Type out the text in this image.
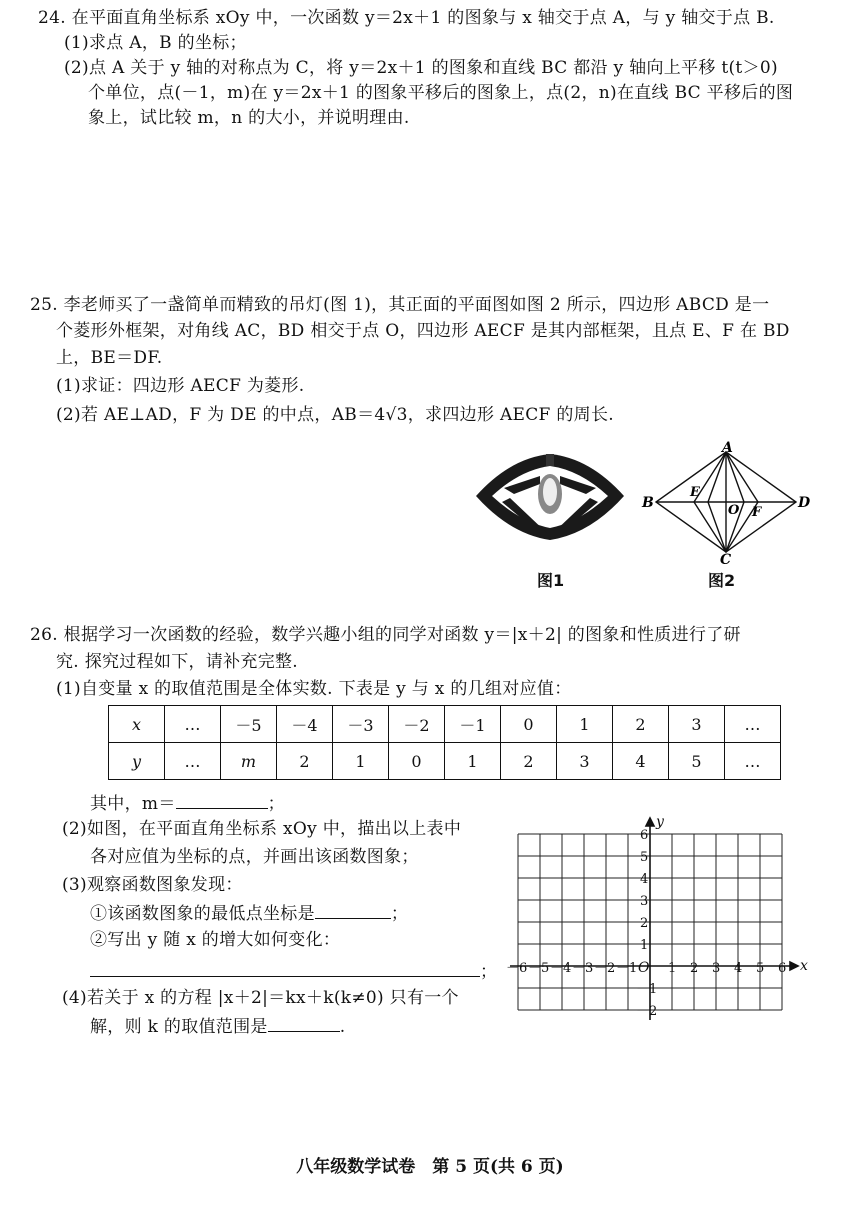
24. 在平面直角坐标系 xOy 中，一次函数 y＝2x＋1 的图象与 x 轴交于点 A，与 y 轴交于点 B.
(1)求点 A，B 的坐标；
(2)点 A 关于 y 轴的对称点为 C，将 y＝2x＋1 的图象和直线 BC 都沿 y 轴向上平移 t(t＞0)
个单位，点(－1，m)在 y＝2x＋1 的图象平移后的图象上，点(2，n)在直线 BC 平移后的图
象上，试比较 m，n 的大小，并说明理由.
25. 李老师买了一盏简单而精致的吊灯(图 1)，其正面的平面图如图 2 所示，四边形 ABCD 是一
个菱形外框架，对角线 AC，BD 相交于点 O，四边形 AECF 是其内部框架，且点 E、F 在 BD
上，BE＝DF.
(1)求证：四边形 AECF 为菱形.
(2)若 AE⊥AD，F 为 DE 的中点，AB＝4√3，求四边形 AECF 的周长.
图1
A
B	D
C
E
O F
图2
26. 根据学习一次函数的经验，数学兴趣小组的同学对函数 y＝|x＋2| 的图象和性质进行了研
究. 探究过程如下，请补充完整.
(1)自变量 x 的取值范围是全体实数. 下表是 y 与 x 的几组对应值：
x	…	－5	－4	－3	－2	－1	0	1	2	3	…
y	…	m	2	1	0	1	2	3	4	5	…
其中，m＝	；
(2)如图，在平面直角坐标系 xOy 中，描出以上表中
各对应值为坐标的点，并画出该函数图象；
(3)观察函数图象发现：
①该函数图象的最低点坐标是	；
②写出 y 随 x 的增大如何变化：
；
(4)若关于 x 的方程 |x＋2|＝kx＋k(k≠0) 只有一个
解，则 k 的取值范围是	.
－6 －5 －4 －3 －2 －1 1 2 3 4 5 6
6
5
4
3
2
1
－1
－2
O	x
y
八年级数学试卷　第 5 页(共 6 页)
